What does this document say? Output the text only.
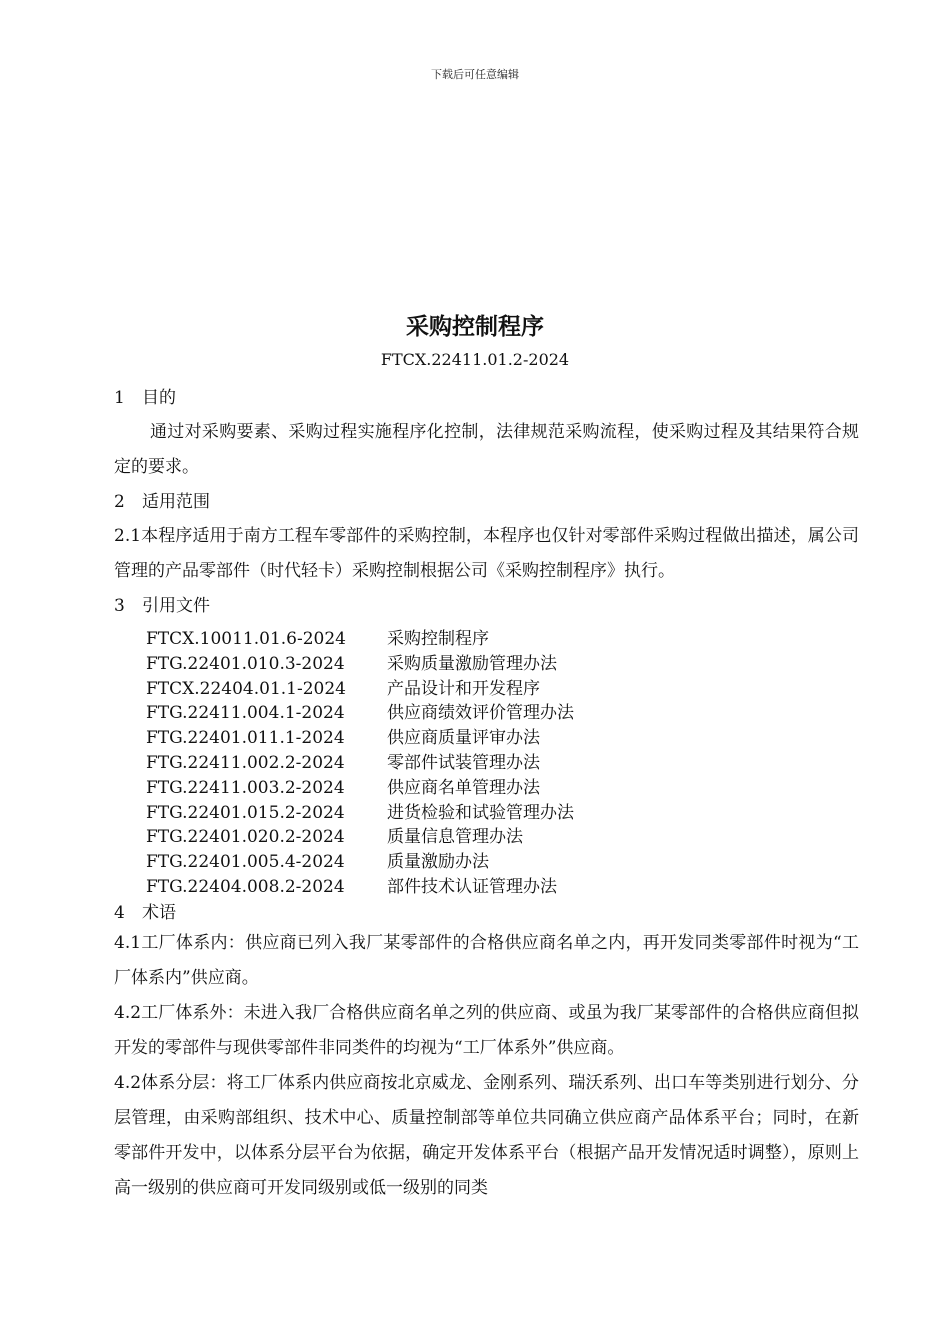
下载后可任意编辑
采购控制程序
FTCX.22411.01.2-2024
1 目的

通过对采购要素、采购过程实施程序化控制，法律规范采购流程，使采购过程及其结果符合规定的要求。

2 适用范围

2.1本程序适用于南方工程车零部件的采购控制，本程序也仅针对零部件采购过程做出描述，属公司管理的产品零部件（时代轻卡）采购控制根据公司《采购控制程序》执行。

3 引用文件
FTCX.10011.01.6-2024 采购控制程序
FTG.22401.010.3-2024 采购质量激励管理办法
FTCX.22404.01.1-2024 产品设计和开发程序
FTG.22411.004.1-2024 供应商绩效评价管理办法
FTG.22401.011.1-2024 供应商质量评审办法
FTG.22411.002.2-2024 零部件试装管理办法
FTG.22411.003.2-2024 供应商名单管理办法
FTG.22401.015.2-2024 进货检验和试验管理办法
FTG.22401.020.2-2024 质量信息管理办法
FTG.22401.005.4-2024 质量激励办法
FTG.22404.008.2-2024 部件技术认证管理办法
4 术语

4.1工厂体系内：供应商已列入我厂某零部件的合格供应商名单之内，再开发同类零部件时视为“工厂体系内”供应商。

4.2工厂体系外：未进入我厂合格供应商名单之列的供应商、或虽为我厂某零部件的合格供应商但拟开发的零部件与现供零部件非同类件的均视为“工厂体系外”供应商。

4.2体系分层：将工厂体系内供应商按北京威龙、金刚系列、瑞沃系列、出口车等类别进行划分、分层管理，由采购部组织、技术中心、质量控制部等单位共同确立供应商产品体系平台；同时，在新零部件开发中，以体系分层平台为依据，确定开发体系平台（根据产品开发情况适时调整），原则上高一级别的供应商可开发同级别或低一级别的同类
